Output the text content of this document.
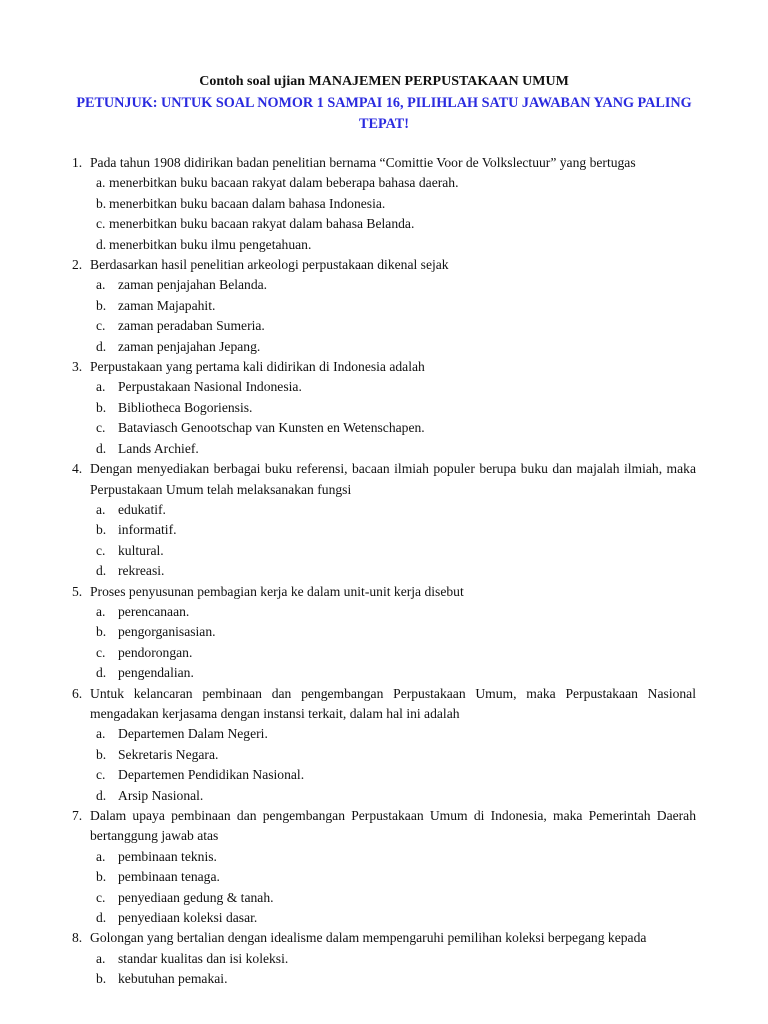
Contoh soal ujian MANAJEMEN PERPUSTAKAAN UMUM
PETUNJUK: UNTUK SOAL NOMOR 1 SAMPAI 16, PILIHLAH SATU JAWABAN YANG PALING TEPAT!
1. Pada tahun 1908 didirikan badan penelitian bernama “Comittie Voor de Volkslectuur” yang bertugas

a. menerbitkan buku bacaan rakyat dalam beberapa bahasa daerah.
b. menerbitkan buku bacaan dalam bahasa Indonesia.
c. menerbitkan buku bacaan rakyat dalam bahasa Belanda.
d. menerbitkan buku ilmu pengetahuan.
2. Berdasarkan hasil penelitian arkeologi perpustakaan dikenal sejak

a. zaman penjajahan Belanda.
b. zaman Majapahit.
c. zaman peradaban Sumeria.
d. zaman penjajahan Jepang.
3. Perpustakaan yang pertama kali didirikan di Indonesia adalah

a. Perpustakaan Nasional Indonesia.
b. Bibliotheca Bogoriensis.
c. Bataviasch Genootschap van Kunsten en Wetenschapen.
d. Lands Archief.
4. Dengan menyediakan berbagai buku referensi, bacaan ilmiah populer berupa buku dan majalah ilmiah, maka Perpustakaan Umum telah melaksanakan fungsi

a. edukatif.
b. informatif.
c. kultural.
d. rekreasi.
5. Proses penyusunan pembagian kerja ke dalam unit-unit kerja disebut

a. perencanaan.
b. pengorganisasian.
c. pendorongan.
d. pengendalian.
6. Untuk kelancaran pembinaan dan pengembangan Perpustakaan Umum, maka Perpustakaan Nasional mengadakan kerjasama dengan instansi terkait, dalam hal ini adalah

a. Departemen Dalam Negeri.
b. Sekretaris Negara.
c. Departemen Pendidikan Nasional.
d. Arsip Nasional.
7. Dalam upaya pembinaan dan pengembangan Perpustakaan Umum di Indonesia, maka Pemerintah Daerah bertanggung jawab atas

a. pembinaan teknis.
b. pembinaan tenaga.
c. penyediaan gedung & tanah.
d. penyediaan koleksi dasar.
8. Golongan yang bertalian dengan idealisme dalam mempengaruhi pemilihan koleksi berpegang kepada

a. standar kualitas dan isi koleksi.
b. kebutuhan pemakai.
